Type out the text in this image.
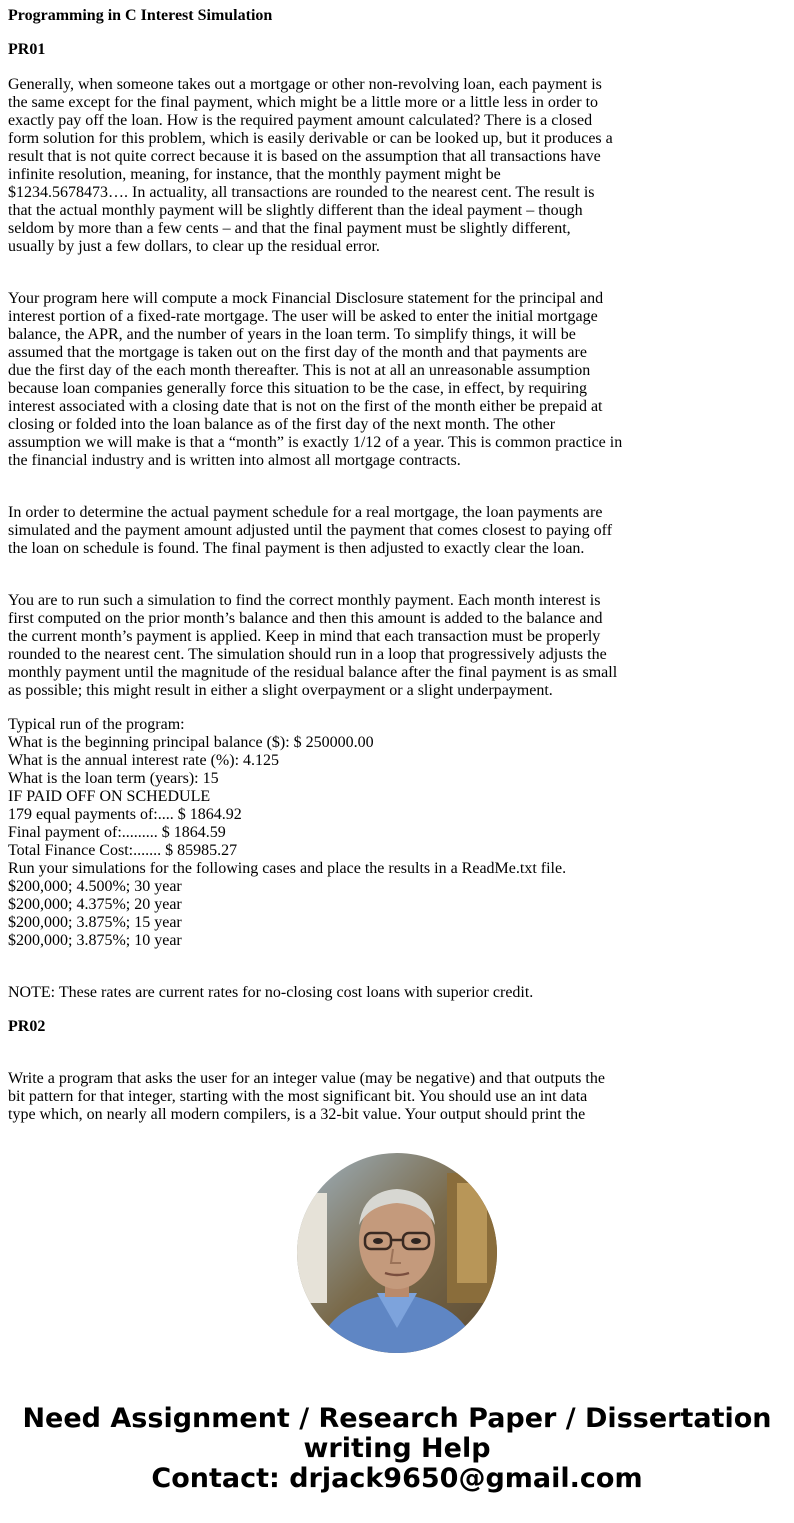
Programming in C Interest Simulation
PR01
Generally, when someone takes out a mortgage or other non-revolving loan, each payment is
the same except for the final payment, which might be a little more or a little less in order to
exactly pay off the loan. How is the required payment amount calculated? There is a closed
form solution for this problem, which is easily derivable or can be looked up, but it produces a
result that is not quite correct because it is based on the assumption that all transactions have
infinite resolution, meaning, for instance, that the monthly payment might be
$1234.5678473…. In actuality, all transactions are rounded to the nearest cent. The result is
that the actual monthly payment will be slightly different than the ideal payment – though
seldom by more than a few cents – and that the final payment must be slightly different,
usually by just a few dollars, to clear up the residual error.
Your program here will compute a mock Financial Disclosure statement for the principal and
interest portion of a fixed-rate mortgage. The user will be asked to enter the initial mortgage
balance, the APR, and the number of years in the loan term. To simplify things, it will be
assumed that the mortgage is taken out on the first day of the month and that payments are
due the first day of the each month thereafter. This is not at all an unreasonable assumption
because loan companies generally force this situation to be the case, in effect, by requiring
interest associated with a closing date that is not on the first of the month either be prepaid at
closing or folded into the loan balance as of the first day of the next month. The other
assumption we will make is that a “month” is exactly 1/12 of a year. This is common practice in
the financial industry and is written into almost all mortgage contracts.
In order to determine the actual payment schedule for a real mortgage, the loan payments are
simulated and the payment amount adjusted until the payment that comes closest to paying off
the loan on schedule is found. The final payment is then adjusted to exactly clear the loan.
You are to run such a simulation to find the correct monthly payment. Each month interest is
first computed on the prior month’s balance and then this amount is added to the balance and
the current month’s payment is applied. Keep in mind that each transaction must be properly
rounded to the nearest cent. The simulation should run in a loop that progressively adjusts the
monthly payment until the magnitude of the residual balance after the final payment is as small
as possible; this might result in either a slight overpayment or a slight underpayment.
Typical run of the program:
What is the beginning principal balance ($): $ 250000.00
What is the annual interest rate (%): 4.125
What is the loan term (years): 15
IF PAID OFF ON SCHEDULE
179 equal payments of:.... $ 1864.92
Final payment of:......... $ 1864.59
Total Finance Cost:....... $ 85985.27
Run your simulations for the following cases and place the results in a ReadMe.txt file.
$200,000; 4.500%; 30 year
$200,000; 4.375%; 20 year
$200,000; 3.875%; 15 year
$200,000; 3.875%; 10 year
NOTE: These rates are current rates for no-closing cost loans with superior credit.
PR02
Write a program that asks the user for an integer value (may be negative) and that outputs the
bit pattern for that integer, starting with the most significant bit. You should use an int data
type which, on nearly all modern compilers, is a 32-bit value. Your output should print the
Need Assignment / Research Paper / Dissertation
writing Help
Contact: drjack9650@gmail.com
